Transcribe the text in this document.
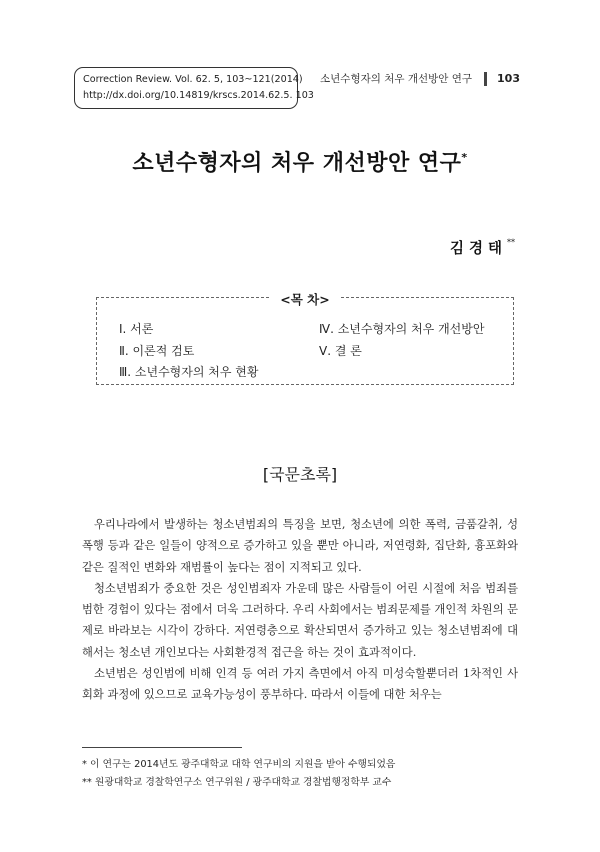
Correction Review. Vol. 62. 5, 103~121(2014)
http://dx.doi.org/10.14819/krscs.2014.62.5. 103
소년수형자의 처우 개선방안 연구 103
소년수형자의 처우 개선방안 연구*
김경태**
<목 차>
Ⅰ. 서론
Ⅱ. 이론적 검토
Ⅲ. 소년수형자의 처우 현황
Ⅳ. 소년수형자의 처우 개선방안
Ⅴ. 결 론
[국문초록]

우리나라에서 발생하는 청소년범죄의 특징을 보면, 청소년에 의한 폭력, 금품갈취, 성폭행 등과 같은 일들이 양적으로 증가하고 있을 뿐만 아니라, 저연령화, 집단화, 흉포화와 같은 질적인 변화와 재범률이 높다는 점이 지적되고 있다.

청소년범죄가 중요한 것은 성인범죄자 가운데 많은 사람들이 어린 시절에 처음 범죄를 범한 경험이 있다는 점에서 더욱 그러하다. 우리 사회에서는 범죄문제를 개인적 차원의 문제로 바라보는 시각이 강하다. 저연령층으로 확산되면서 증가하고 있는 청소년범죄에 대해서는 청소년 개인보다는 사회환경적 접근을 하는 것이 효과적이다.

소년범은 성인범에 비해 인격 등 여러 가지 측면에서 아직 미성숙할뿐더러 1차적인 사회화 과정에 있으므로 교육가능성이 풍부하다. 따라서 이들에 대한 처우는

* 이 연구는 2014년도 광주대학교 대학 연구비의 지원을 받아 수행되었음
** 원광대학교 경찰학연구소 연구위원 / 광주대학교 경찰법행정학부 교수
